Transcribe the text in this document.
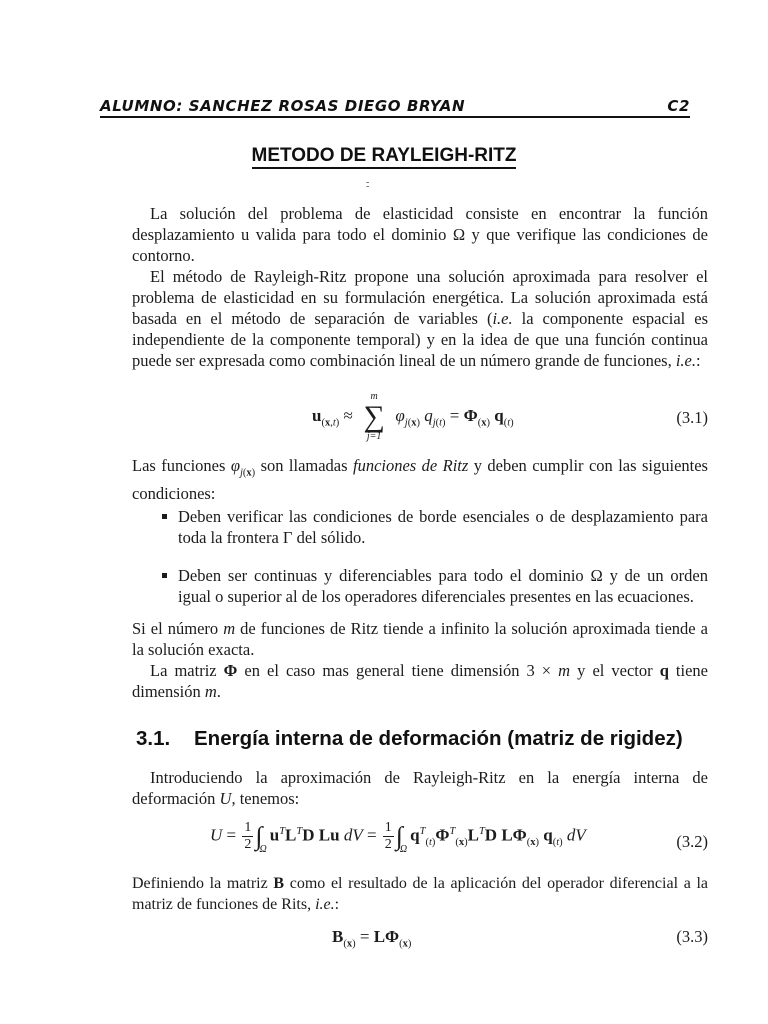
ALUMNO: SANCHEZ ROSAS DIEGO BRYAN	C2
METODO DE RAYLEIGH-RITZ
- -

La solución del problema de elasticidad consiste en encontrar la función desplazamiento u valida para todo el dominio Ω y que verifique las condiciones de contorno.

El método de Rayleigh-Ritz propone una solución aproximada para resolver el problema de elasticidad en su formulación energética. La solución aproximada está basada en el método de separación de variables (i.e. la componente espacial es independiente de la componente temporal) y en la idea de que una función continua puede ser expresada como combinación lineal de un número grande de funciones, i.e.:

$u_{(x,t)}$ ≈
m
∑
j=1
$\varphi_{j(x)}$ $q_{j(t)} = \Phi_{(x)}$ $q_{(t)}$	(3.1)

Las funciones $\varphi_{j(x)}$ son llamadas funciones de Ritz y deben cumplir con las siguientes condiciones:

Deben verificar las condiciones de borde esenciales o de desplazamiento para toda la frontera Γ del sólido.
Deben ser continuas y diferenciables para todo el dominio Ω y de un orden igual o superior al de los operadores diferenciales presentes en las ecuaciones.

Si el número m de funciones de Ritz tiende a infinito la solución aproximada tiende a la solución exacta.

La matriz Φ en el caso mas general tiene dimensión 3 × m y el vector q tiene dimensión m.

3.1. Energía interna de deformación (matriz de rigidez)

Introduciendo la aproximación de Rayleigh-Ritz en la energía interna de deformación U, tenemos:

$U = \frac{1}{2} \int_\Omega u^TL^TD$ Lu dV = $\frac{1}{2} \int_\Omega q^T_{(t)}\Phi^T_{(x)}L^TD$ $L\Phi_{(x)}$ $q_{(t)}$ dV	(3.2)

Definiendo la matriz B como el resultado de la aplicación del operador diferencial a la matriz de funciones de Rits, i.e.:

$B_{(x)} = L\Phi_{(x)}$	(3.3)
